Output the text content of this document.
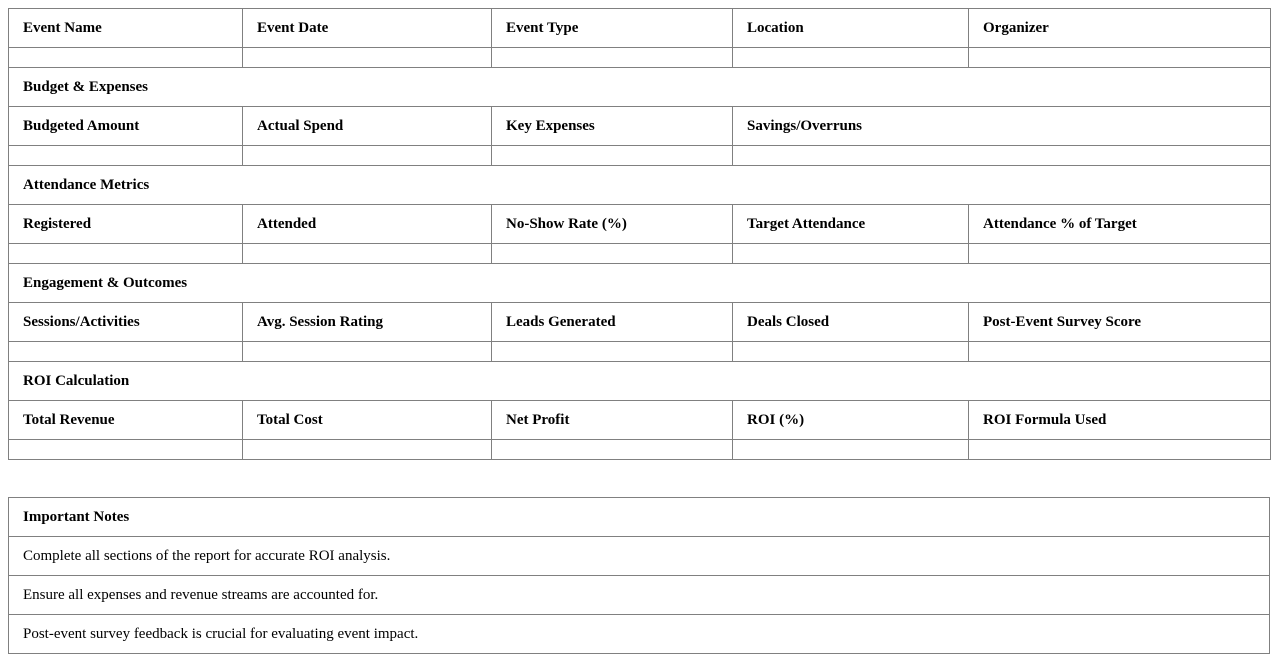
Event Name	Event Date	Event Type	Location	Organizer

Budget & Expenses				
Budgeted Amount	Actual Spend	Key Expenses	Savings/Overruns	

Attendance Metrics				
Registered	Attended	No-Show Rate (%)	Target Attendance	Attendance % of Target

Engagement & Outcomes				
Sessions/Activities	Avg. Session Rating	Leads Generated	Deals Closed	Post-Event Survey Score

ROI Calculation				
Total Revenue	Total Cost	Net Profit	ROI (%)	ROI Formula Used

Important Notes
Complete all sections of the report for accurate ROI analysis.
Ensure all expenses and revenue streams are accounted for.
Post-event survey feedback is crucial for evaluating event impact.
